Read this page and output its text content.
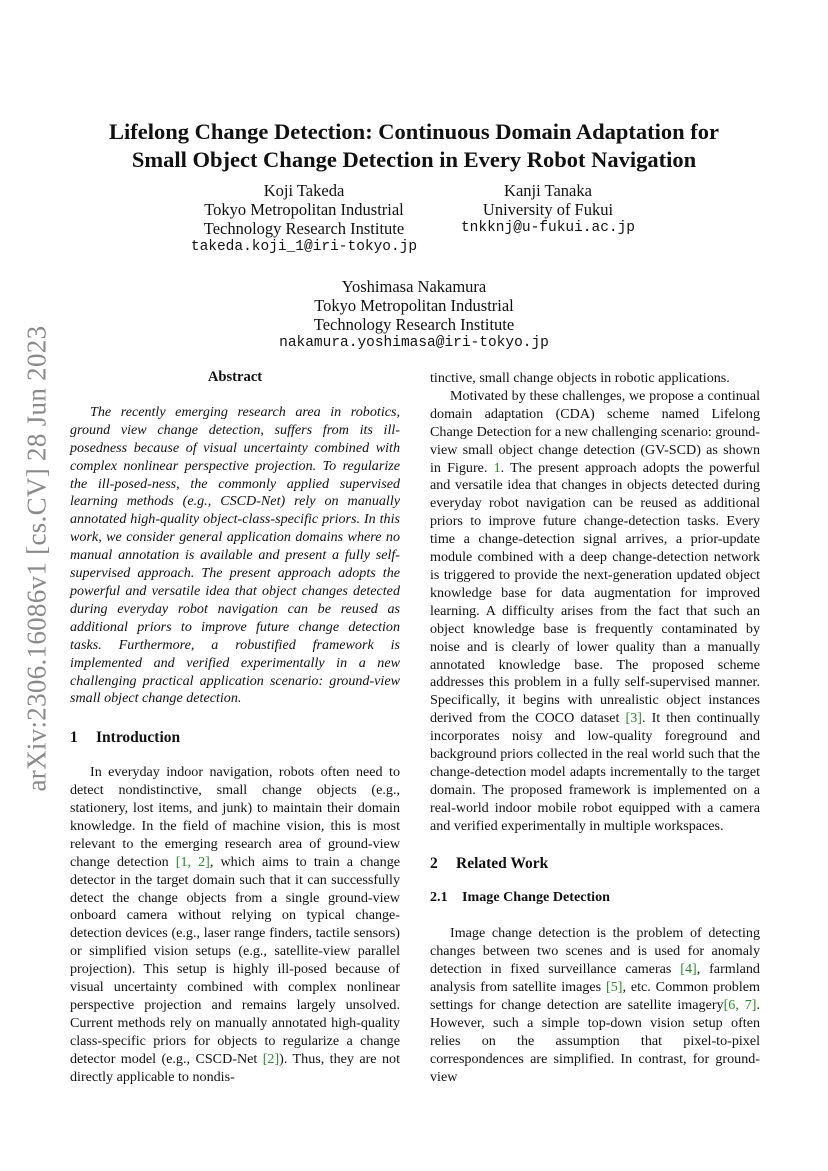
Lifelong Change Detection: Continuous Domain Adaptation for
Small Object Change Detection in Every Robot Navigation
Koji Takeda
Tokyo Metropolitan Industrial
Technology Research Institute
takeda.koji_1@iri-tokyo.jp
Kanji Tanaka
University of Fukui
tnkknj@u-fukui.ac.jp
Yoshimasa Nakamura
Tokyo Metropolitan Industrial
Technology Research Institute
nakamura.yoshimasa@iri-tokyo.jp
arXiv:2306.16086v1 [cs.CV] 28 Jun 2023	Abstract

The recently emerging research area in robotics, ground view change detection, suffers from its ill-posedness because of visual uncertainty combined with complex nonlinear perspective projection. To regularize the ill-posed-ness, the commonly applied supervised learning methods (e.g., CSCD-Net) rely on manually annotated high-quality object-class-specific priors. In this work, we consider general application domains where no manual annotation is available and present a fully self-supervised approach. The present approach adopts the powerful and versatile idea that object changes detected during everyday robot navigation can be reused as additional priors to improve future change detection tasks. Furthermore, a robustified framework is implemented and verified experimentally in a new challenging practical application scenario: ground-view small object change detection.

1 Introduction

In everyday indoor navigation, robots often need to detect nondistinctive, small change objects (e.g., stationery, lost items, and junk) to maintain their domain knowledge. In the field of machine vision, this is most relevant to the emerging research area of ground-view change detection [1, 2], which aims to train a change detector in the target domain such that it can successfully detect the change objects from a single ground-view onboard camera without relying on typical change-detection devices (e.g., laser range finders, tactile sensors) or simplified vision setups (e.g., satellite-view parallel projection). This setup is highly ill-posed because of visual uncertainty combined with complex nonlinear perspective projection and remains largely unsolved. Current methods rely on manually annotated high-quality class-specific priors for objects to regularize a change detector model (e.g., CSCD-Net [2]). Thus, they are not directly applicable to nondis-

tinctive, small change objects in robotic applications.

Motivated by these challenges, we propose a continual domain adaptation (CDA) scheme named Lifelong Change Detection for a new challenging scenario: ground-view small object change detection (GV-SCD) as shown in Figure. 1. The present approach adopts the powerful and versatile idea that changes in objects detected during everyday robot navigation can be reused as additional priors to improve future change-detection tasks. Every time a change-detection signal arrives, a prior-update module combined with a deep change-detection network is triggered to provide the next-generation updated object knowledge base for data augmentation for improved learning. A difficulty arises from the fact that such an object knowledge base is frequently contaminated by noise and is clearly of lower quality than a manually annotated knowledge base. The proposed scheme addresses this problem in a fully self-supervised manner. Specifically, it begins with unrealistic object instances derived from the COCO dataset [3]. It then continually incorporates noisy and low-quality foreground and background priors collected in the real world such that the change-detection model adapts incrementally to the target domain. The proposed framework is implemented on a real-world indoor mobile robot equipped with a camera and verified experimentally in multiple workspaces.

2 Related Work
2.1 Image Change Detection

Image change detection is the problem of detecting changes between two scenes and is used for anomaly detection in fixed surveillance cameras [4], farmland analysis from satellite images [5], etc. Common problem settings for change detection are satellite imagery[6, 7]. However, such a simple top-down vision setup often relies on the assumption that pixel-to-pixel correspondences are simplified. In contrast, for ground-view
